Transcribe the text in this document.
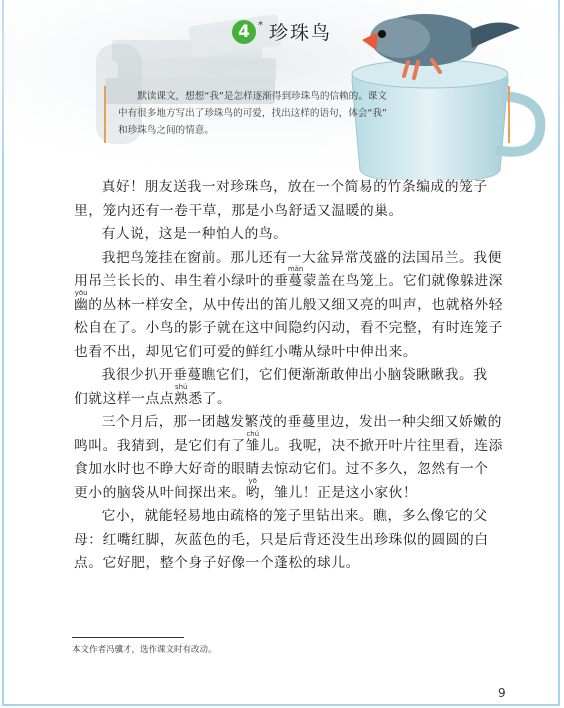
4 * 珍珠鸟

默读课文，想想“我”是怎样逐渐得到珍珠鸟的信赖的。课文

中有很多地方写出了珍珠鸟的可爱，找出这样的语句，体会“我”

和珍珠鸟之间的情意。

真好！朋友送我一对珍珠鸟，放在一个简易的竹条编成的笼子
里，笼内还有一卷干草，那是小鸟舒适又温暖的巢。

有人说，这是一种怕人的鸟。

我把鸟笼挂在窗前。那儿还有一大盆异常茂盛的法国吊兰。我便
用吊兰长长的、串生着小绿叶的垂蔓màn蒙盖在鸟笼上。它们就像躲进深
幽yōu的丛林一样安全，从中传出的笛儿般又细又亮的叫声，也就格外轻
松自在了。小鸟的影子就在这中间隐约闪动，看不完整，有时连笼子
也看不出，却见它们可爱的鲜红小嘴从绿叶中伸出来。

我很少扒开垂蔓瞧它们，它们便渐渐敢伸出小脑袋瞅瞅我。我
们就这样一点点熟shú悉了。

三个月后，那一团越发繁茂的垂蔓里边，发出一种尖细又娇嫩的
鸣叫。我猜到，是它们有了雏chú儿。我呢，决不掀开叶片往里看，连添
食加水时也不睁大好奇的眼睛去惊动它们。过不多久，忽然有一个
更小的脑袋从叶间探出来。哟yō，雏儿！正是这小家伙！

它小，就能轻易地由疏格的笼子里钻出来。瞧，多么像它的父
母：红嘴红脚，灰蓝色的毛，只是后背还没生出珍珠似的圆圆的白
点。它好肥，整个身子好像一个蓬松的球儿。

本文作者冯骥才，选作课文时有改动。
9
